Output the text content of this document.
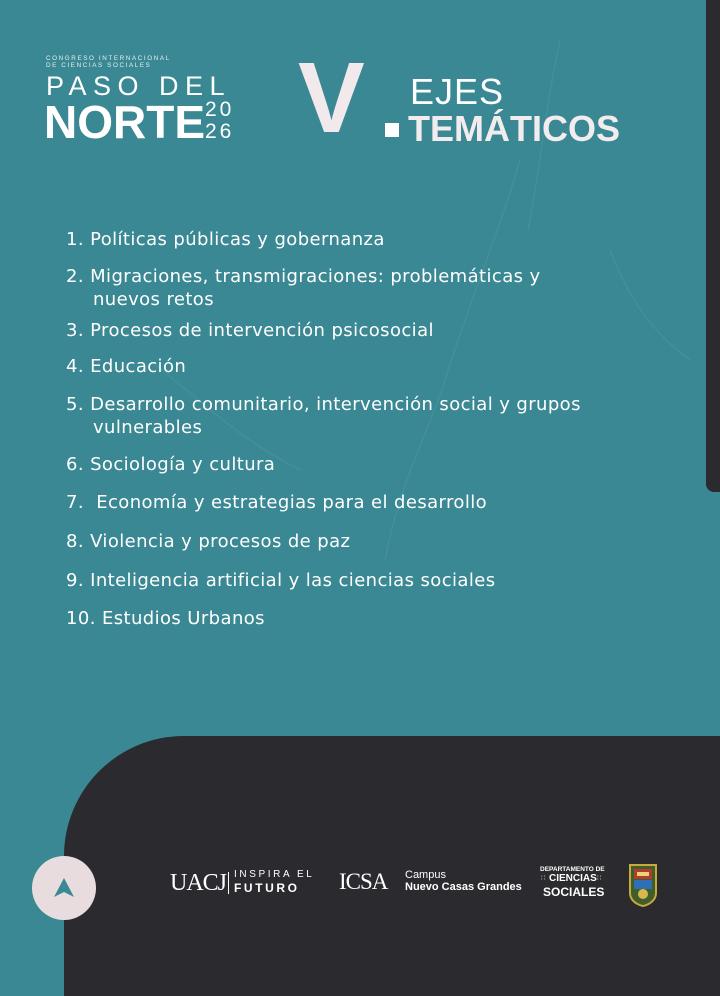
CONGRESO INTERNACIONAL
DE CIENCIAS SOCIALES
PASO DEL
NORTE 20
26 V EJES
TEMÁTICOS
1. Políticas públicas y gobernanza
2. Migraciones, transmigraciones: problemáticas y
nuevos retos
3. Procesos de intervención psicosocial
4. Educación
5. Desarrollo comunitario, intervención social y grupos
vulnerables
6. Sociología y cultura
7.  Economía y estrategias para el desarrollo
8. Violencia y procesos de paz
9. Inteligencia artificial y las ciencias sociales
10. Estudios Urbanos
UACJ INSPIRA EL
FUTURO ICSA Campus
Nuevo Casas Grandes
DEPARTAMENTO DE
∷ CIENCIAS ∷
SOCIALES
